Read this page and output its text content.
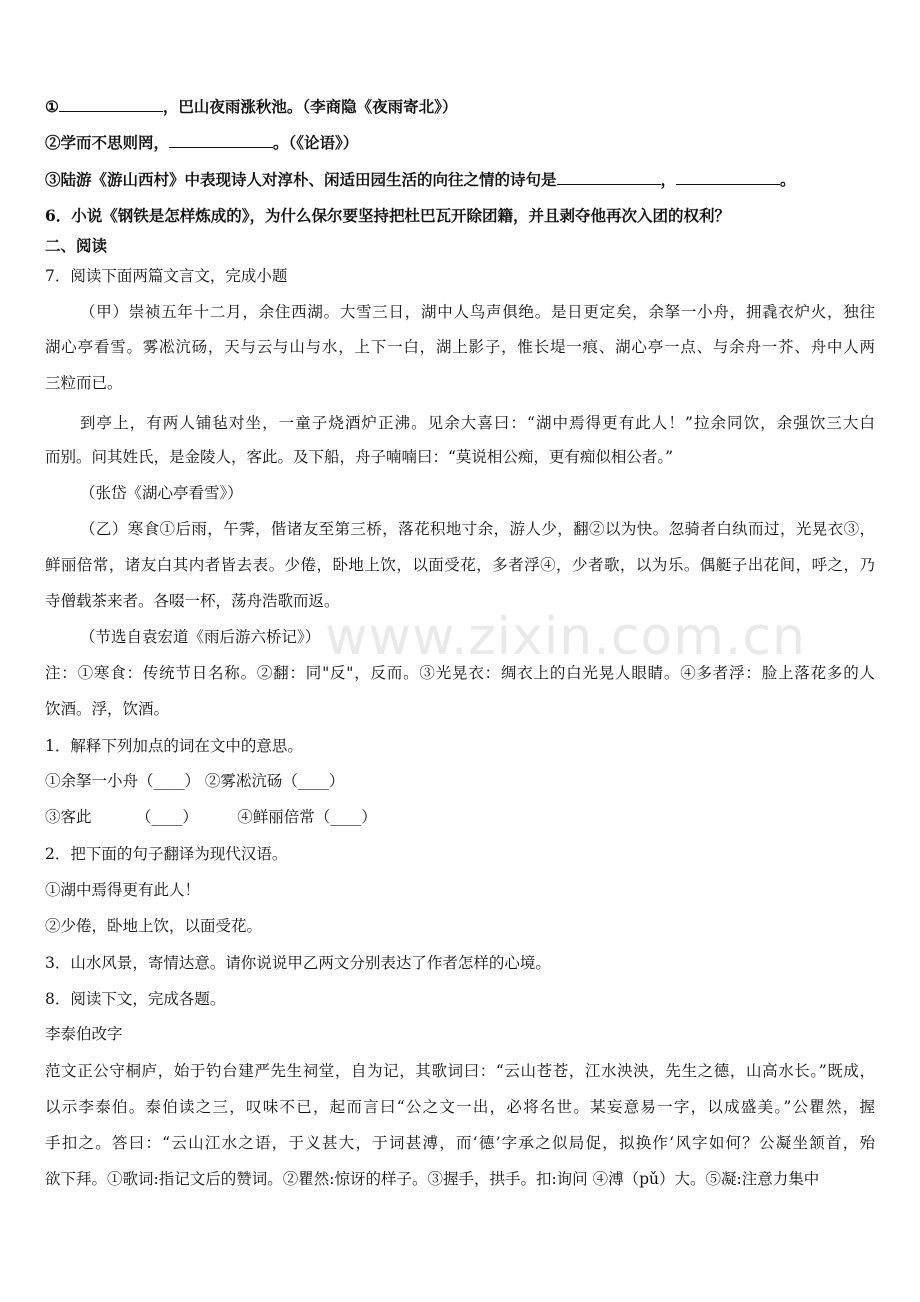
①	，巴山夜雨涨秋池。（李商隐《夜雨寄北》）
②学而不思则罔，	。（《论语》）
③陆游《游山西村》中表现诗人对淳朴、闲适田园生活的向往之情的诗句是	，	。
6．小说《钢铁是怎样炼成的》，为什么保尔要坚持把杜巴瓦开除团籍，并且剥夺他再次入团的权利？
二、阅读
7．阅读下面两篇文言文，完成小题
（甲）崇祯五年十二月，余住西湖。大雪三日，湖中人鸟声俱绝。是日更定矣，余拏一小舟，拥毳衣炉火，独往
湖心亭看雪。雾凇沆砀，天与云与山与水，上下一白，湖上影子，惟长堤一痕、湖心亭一点、与余舟一芥、舟中人两
三粒而已。
到亭上，有两人铺毡对坐，一童子烧酒炉正沸。见余大喜曰：“湖中焉得更有此人！”拉余同饮，余强饮三大白
而别。问其姓氏，是金陵人，客此。及下船，舟子喃喃曰：“莫说相公痴，更有痴似相公者。”
（张岱《湖心亭看雪》）
（乙）寒食①后雨，午霁，偕诸友至第三桥，落花积地寸余，游人少，翻②以为快。忽骑者白纨而过，光晃衣③，
鲜丽倍常，诸友白其内者皆去表。少倦，卧地上饮，以面受花，多者浮④，少者歌，以为乐。偶艇子出花间，呼之，乃
寺僧载茶来者。各啜一杯，荡舟浩歌而返。
（节选自袁宏道《雨后游六桥记》）
注：①寒食：传统节日名称。②翻：同"反"，反而。③光晃衣：绸衣上的白光晃人眼睛。④多者浮：脸上落花多的人
饮酒。浮，饮酒。
1．解释下列加点的词在文中的意思。
①余拏一小舟（____） ②雾凇沆砀（____）
③客此         （____）        ④鲜丽倍常（____）
2．把下面的句子翻译为现代汉语。
①湖中焉得更有此人！
②少倦，卧地上饮，以面受花。
3．山水风景，寄情达意。请你说说甲乙两文分别表达了作者怎样的心境。
8．阅读下文，完成各题。
李泰伯改字
范文正公守桐庐，始于钓台建严先生祠堂，自为记，其歌词曰：“云山苍苍，江水泱泱，先生之德，山高水长。”既成，
以示李泰伯。泰伯读之三，叹味不已，起而言曰“公之文一出，必将名世。某妄意易一字，以成盛美。”公瞿然，握
手扣之。答曰：“云山江水之语，于义甚大，于词甚溥，而‘德’字承之似局促，拟换作‘风字如何？公凝坐颔首，殆
欲下拜。①歌词:指记文后的赞词。②瞿然:惊讶的样子。③握手，拱手。扣:询问 ④溥（pǔ）大。⑤凝:注意力集中
www.zixin.com.cn
